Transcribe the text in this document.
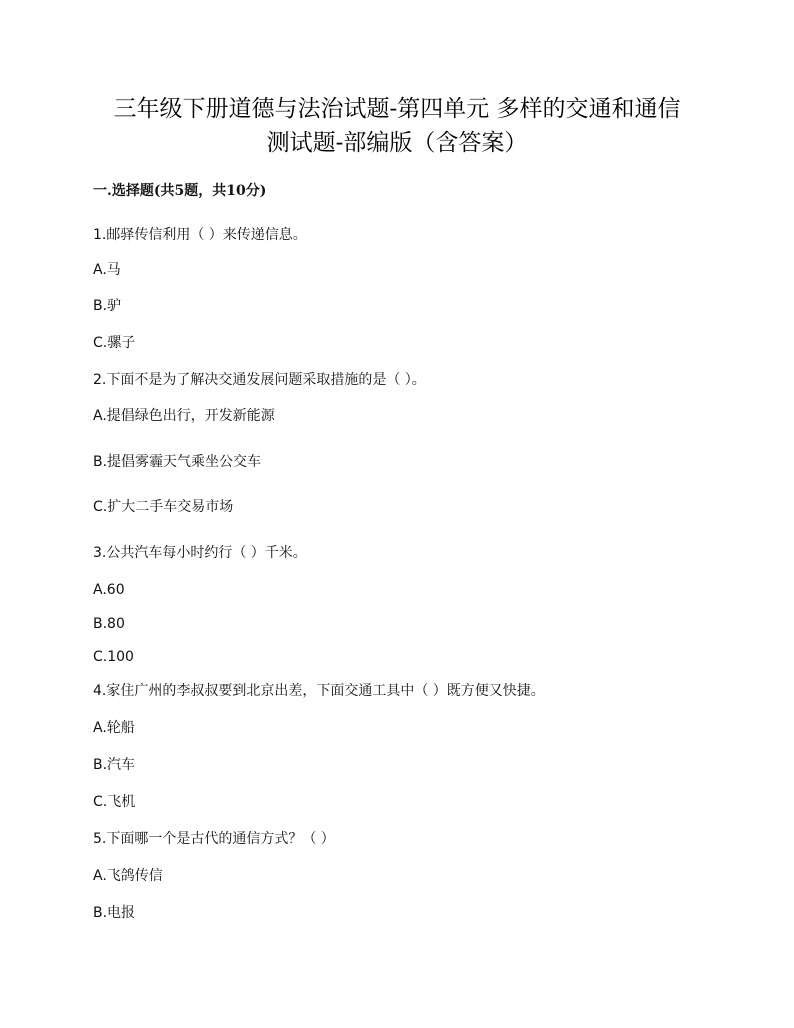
三年级下册道德与法治试题-第四单元 多样的交通和通信
测试题-部编版（含答案）
一.选择题(共5题，共10分)
1.邮驿传信利用（ ）来传递信息。
A.马
B.驴
C.骡子
2.下面不是为了解决交通发展问题采取措施的是（ ）。
A.提倡绿色出行，开发新能源
B.提倡雾霾天气乘坐公交车
C.扩大二手车交易市场
3.公共汽车每小时约行（ ）千米。
A.60
B.80
C.100
4.家住广州的李叔叔要到北京出差，下面交通工具中（ ）既方便又快捷。
A.轮船
B.汽车
C.飞机
5.下面哪一个是古代的通信方式？（ ）
A.飞鸽传信
B.电报
